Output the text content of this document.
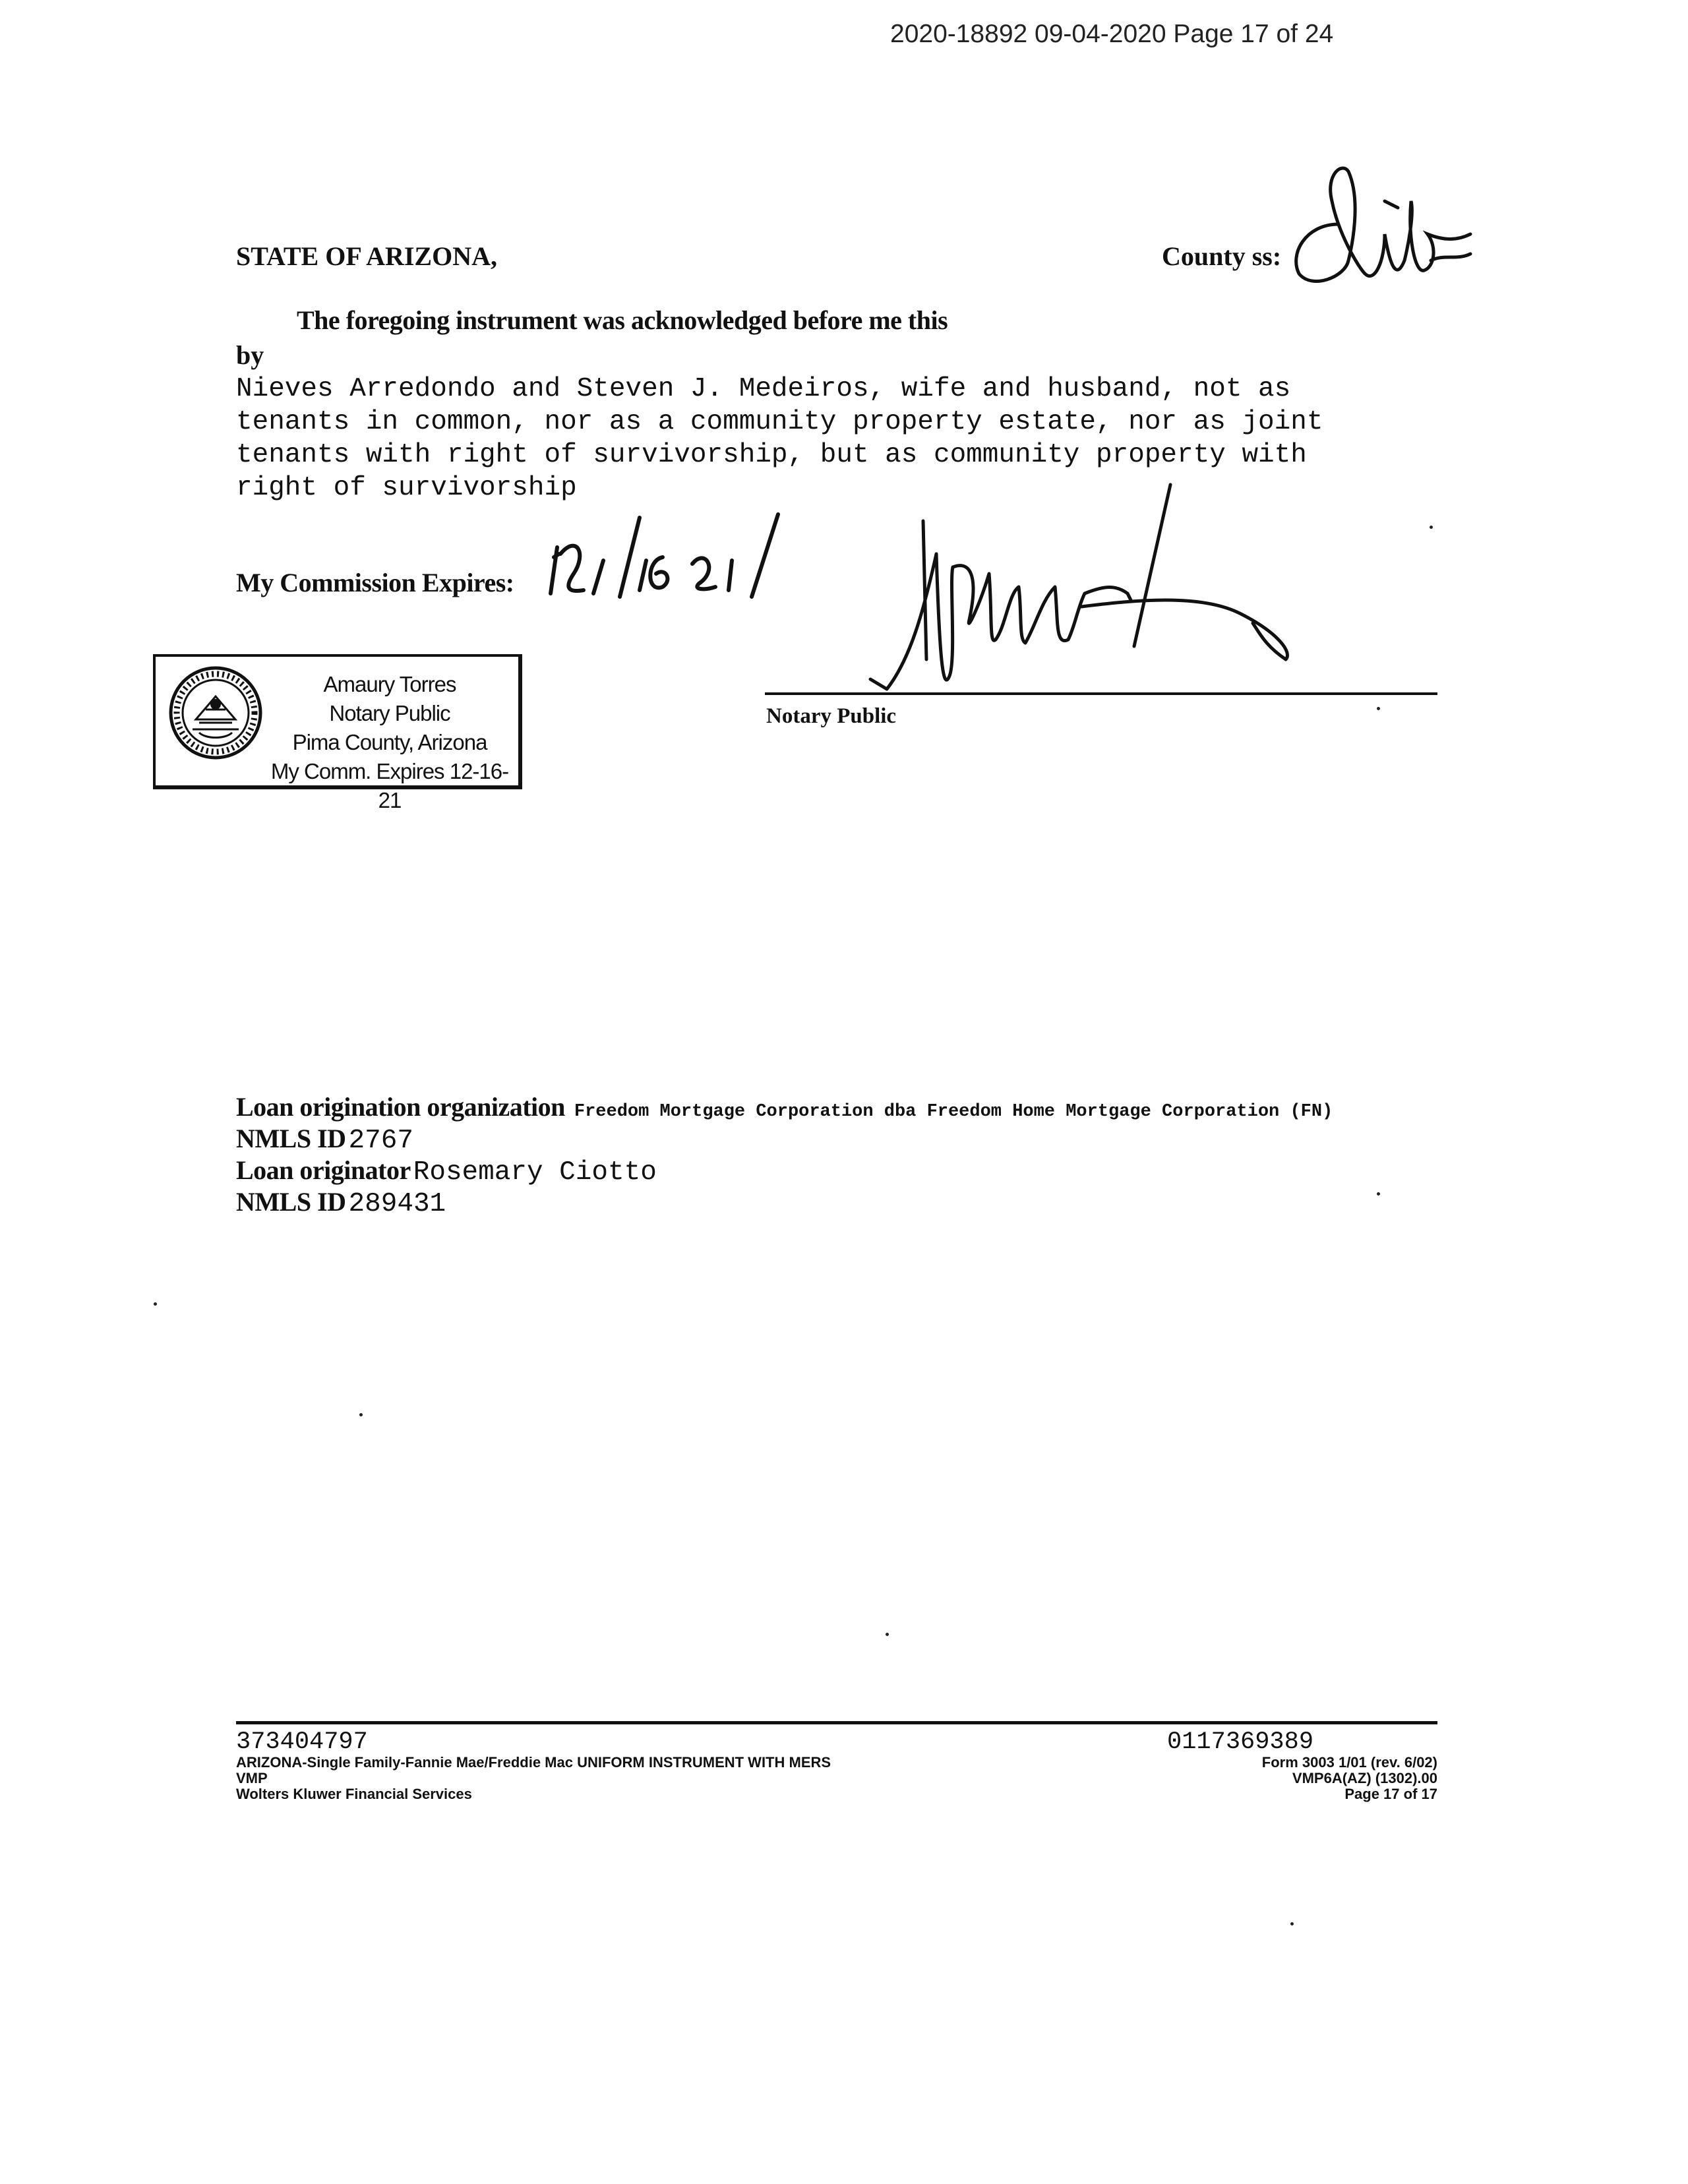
2020-18892 09-04-2020 Page 17 of 24
STATE OF ARIZONA,	County ss:
The foregoing instrument was acknowledged before me this
by
Nieves Arredondo and Steven J. Medeiros, wife and husband, not as
tenants in common, nor as a community property estate, nor as joint
tenants with right of survivorship, but as community property with
right of survivorship
My Commission Expires:
Notary Public
Amaury Torres
Notary Public
Pima County, Arizona
My Comm. Expires 12-16-21
Loan origination organization Freedom Mortgage Corporation dba Freedom Home Mortgage Corporation (FN)
NMLS ID 2767
Loan originator Rosemary Ciotto
NMLS ID 289431
373404797
ARIZONA-Single Family-Fannie Mae/Freddie Mac UNIFORM INSTRUMENT WITH MERS
VMP
Wolters Kluwer Financial Services
0117369389
Form 3003 1/01 (rev. 6/02)
VMP6A(AZ) (1302).00
Page 17 of 17
